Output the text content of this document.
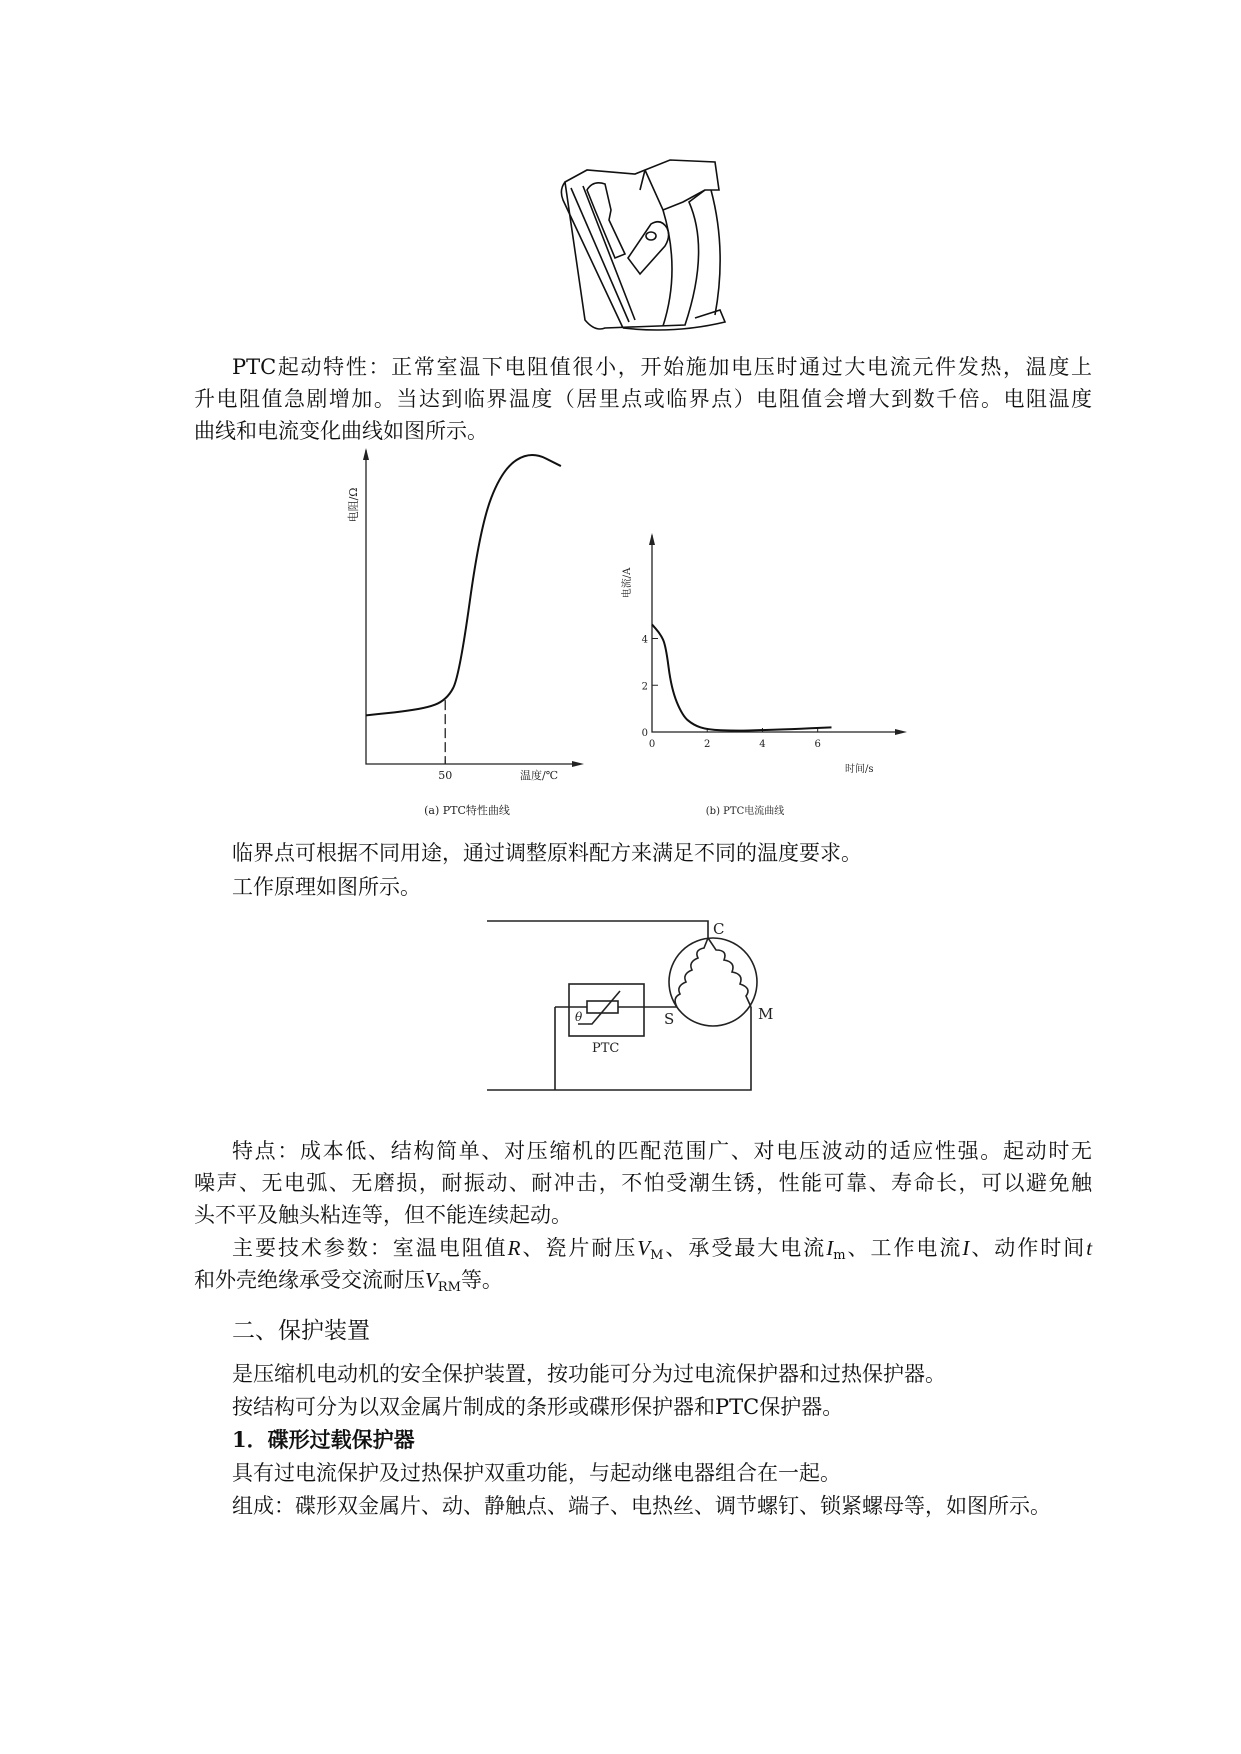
PTC起动特性：正常室温下电阻值很小，开始施加电压时通过大电流元件发热，温度上
升电阻值急剧增加。当达到临界温度（居里点或临界点）电阻值会增大到数千倍。电阻温度
曲线和电流变化曲线如图所示。
50	温度/℃
电阻/Ω
(a) PTC特性曲线
0	2	4	6
0
2
4
时间/s
电流/A
(b) PTC电流曲线
临界点可根据不同用途，通过调整原料配方来满足不同的温度要求。
工作原理如图所示。
C
S	M
PTC
θ
特点：成本低、结构简单、对压缩机的匹配范围广、对电压波动的适应性强。起动时无
噪声、无电弧、无磨损，耐振动、耐冲击，不怕受潮生锈，性能可靠、寿命长，可以避免触
头不平及触头粘连等，但不能连续起动。
主要技术参数：室温电阻值R、瓷片耐压$V_M$、承受最大电流$I_m$、工作电流I、动作时间t
和外壳绝缘承受交流耐压$V_{RM}$等。
二、保护装置
是压缩机电动机的安全保护装置，按功能可分为过电流保护器和过热保护器。
按结构可分为以双金属片制成的条形或碟形保护器和PTC保护器。
1．碟形过载保护器
具有过电流保护及过热保护双重功能，与起动继电器组合在一起。
组成：碟形双金属片、动、静触点、端子、电热丝、调节螺钉、锁紧螺母等，如图所示。
